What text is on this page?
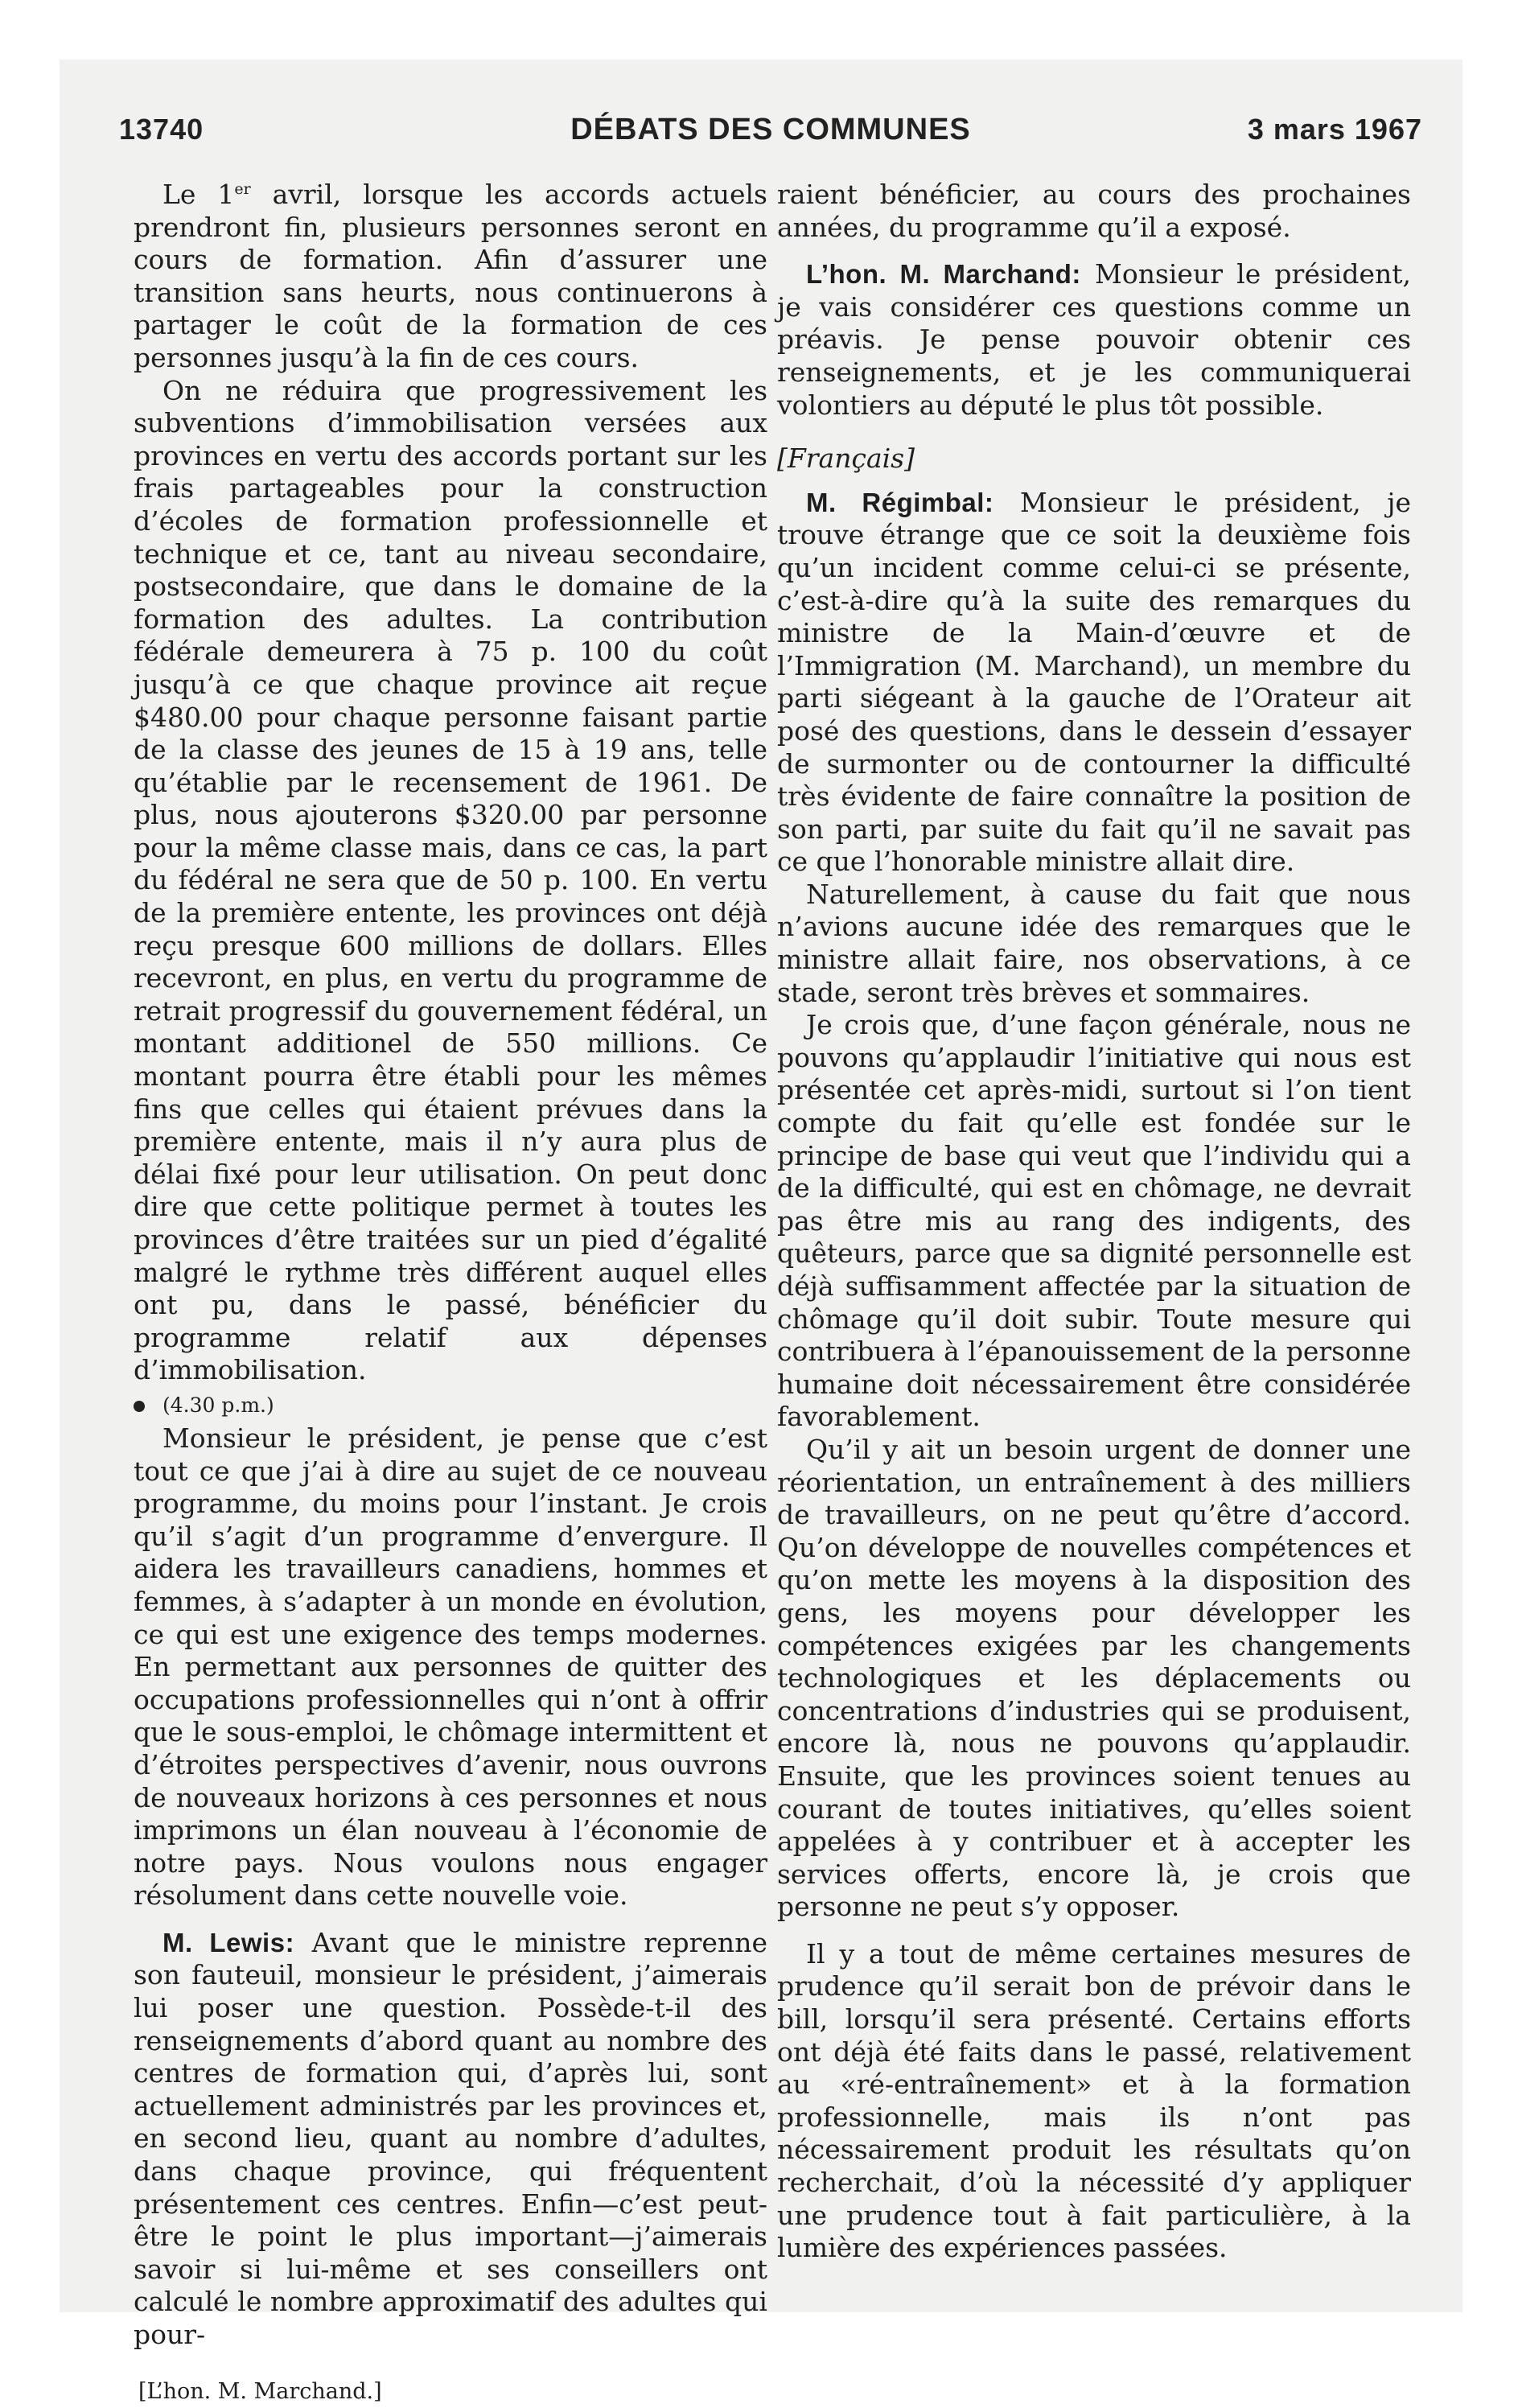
13740	DÉBATS DES COMMUNES	3 mars 1967

Le 1er avril, lorsque les accords actuels prendront fin, plusieurs personnes seront en cours de formation. Afin d’assurer une transition sans heurts, nous continuerons à partager le coût de la formation de ces personnes jusqu’à la fin de ces cours.

On ne réduira que progressivement les subventions d’immobilisation versées aux provinces en vertu des accords portant sur les frais partageables pour la construction d’écoles de formation professionnelle et technique et ce, tant au niveau secondaire, postsecondaire, que dans le domaine de la formation des adultes. La contribution fédérale demeurera à 75 p. 100 du coût jusqu’à ce que chaque province ait reçue $480.00 pour chaque personne faisant partie de la classe des jeunes de 15 à 19 ans, telle qu’établie par le recensement de 1961. De plus, nous ajouterons $320.00 par personne pour la même classe mais, dans ce cas, la part du fédéral ne sera que de 50 p. 100. En vertu de la première entente, les provinces ont déjà reçu presque 600 millions de dollars. Elles recevront, en plus, en vertu du programme de retrait progressif du gouvernement fédéral, un montant additionel de 550 millions. Ce montant pourra être établi pour les mêmes fins que celles qui étaient prévues dans la première entente, mais il n’y aura plus de délai fixé pour leur utilisation. On peut donc dire que cette politique permet à toutes les provinces d’être traitées sur un pied d’égalité malgré le rythme très différent auquel elles ont pu, dans le passé, bénéficier du programme relatif aux dépenses d’immobilisation.

(4.30 p.m.)

Monsieur le président, je pense que c’est tout ce que j’ai à dire au sujet de ce nouveau programme, du moins pour l’instant. Je crois qu’il s’agit d’un programme d’envergure. Il aidera les travailleurs canadiens, hommes et femmes, à s’adapter à un monde en évolution, ce qui est une exigence des temps modernes. En permettant aux personnes de quitter des occupations professionnelles qui n’ont à offrir que le sous-emploi, le chômage intermittent et d’étroites perspectives d’avenir, nous ouvrons de nouveaux horizons à ces personnes et nous imprimons un élan nouveau à l’économie de notre pays. Nous voulons nous engager résolument dans cette nouvelle voie.

M. Lewis: Avant que le ministre reprenne son fauteuil, monsieur le président, j’aimerais lui poser une question. Possède-t-il des renseignements d’abord quant au nombre des centres de formation qui, d’après lui, sont actuellement administrés par les provinces et, en second lieu, quant au nombre d’adultes, dans chaque province, qui fréquentent présentement ces centres. Enfin—c’est peut-être le point le plus important—j’aimerais savoir si lui-même et ses conseillers ont calculé le nombre approximatif des adultes qui pour-

[L’hon. M. Marchand.]

raient bénéficier, au cours des prochaines années, du programme qu’il a exposé.

L’hon. M. Marchand: Monsieur le président, je vais considérer ces questions comme un préavis. Je pense pouvoir obtenir ces renseignements, et je les communiquerai volontiers au député le plus tôt possible.

[Français]

M. Régimbal: Monsieur le président, je trouve étrange que ce soit la deuxième fois qu’un incident comme celui-ci se présente, c’est-à-dire qu’à la suite des remarques du ministre de la Main-d’œuvre et de l’Immigration (M. Marchand), un membre du parti siégeant à la gauche de l’Orateur ait posé des questions, dans le dessein d’essayer de surmonter ou de contourner la difficulté très évidente de faire connaître la position de son parti, par suite du fait qu’il ne savait pas ce que l’honorable ministre allait dire.

Naturellement, à cause du fait que nous n’avions aucune idée des remarques que le ministre allait faire, nos observations, à ce stade, seront très brèves et sommaires.

Je crois que, d’une façon générale, nous ne pouvons qu’applaudir l’initiative qui nous est présentée cet après-midi, surtout si l’on tient compte du fait qu’elle est fondée sur le principe de base qui veut que l’individu qui a de la difficulté, qui est en chômage, ne devrait pas être mis au rang des indigents, des quêteurs, parce que sa dignité personnelle est déjà suffisamment affectée par la situation de chômage qu’il doit subir. Toute mesure qui contribuera à l’épanouissement de la personne humaine doit nécessairement être considérée favorablement.

Qu’il y ait un besoin urgent de donner une réorientation, un entraînement à des milliers de travailleurs, on ne peut qu’être d’accord. Qu’on développe de nouvelles compétences et qu’on mette les moyens à la disposition des gens, les moyens pour développer les compétences exigées par les changements technologiques et les déplacements ou concentrations d’industries qui se produisent, encore là, nous ne pouvons qu’applaudir. Ensuite, que les provinces soient tenues au courant de toutes initiatives, qu’elles soient appelées à y contribuer et à accepter les services offerts, encore là, je crois que personne ne peut s’y opposer.

Il y a tout de même certaines mesures de prudence qu’il serait bon de prévoir dans le bill, lorsqu’il sera présenté. Certains efforts ont déjà été faits dans le passé, relativement au «ré-entraînement» et à la formation professionnelle, mais ils n’ont pas nécessairement produit les résultats qu’on recherchait, d’où la nécessité d’y appliquer une prudence tout à fait particulière, à la lumière des expériences passées.
